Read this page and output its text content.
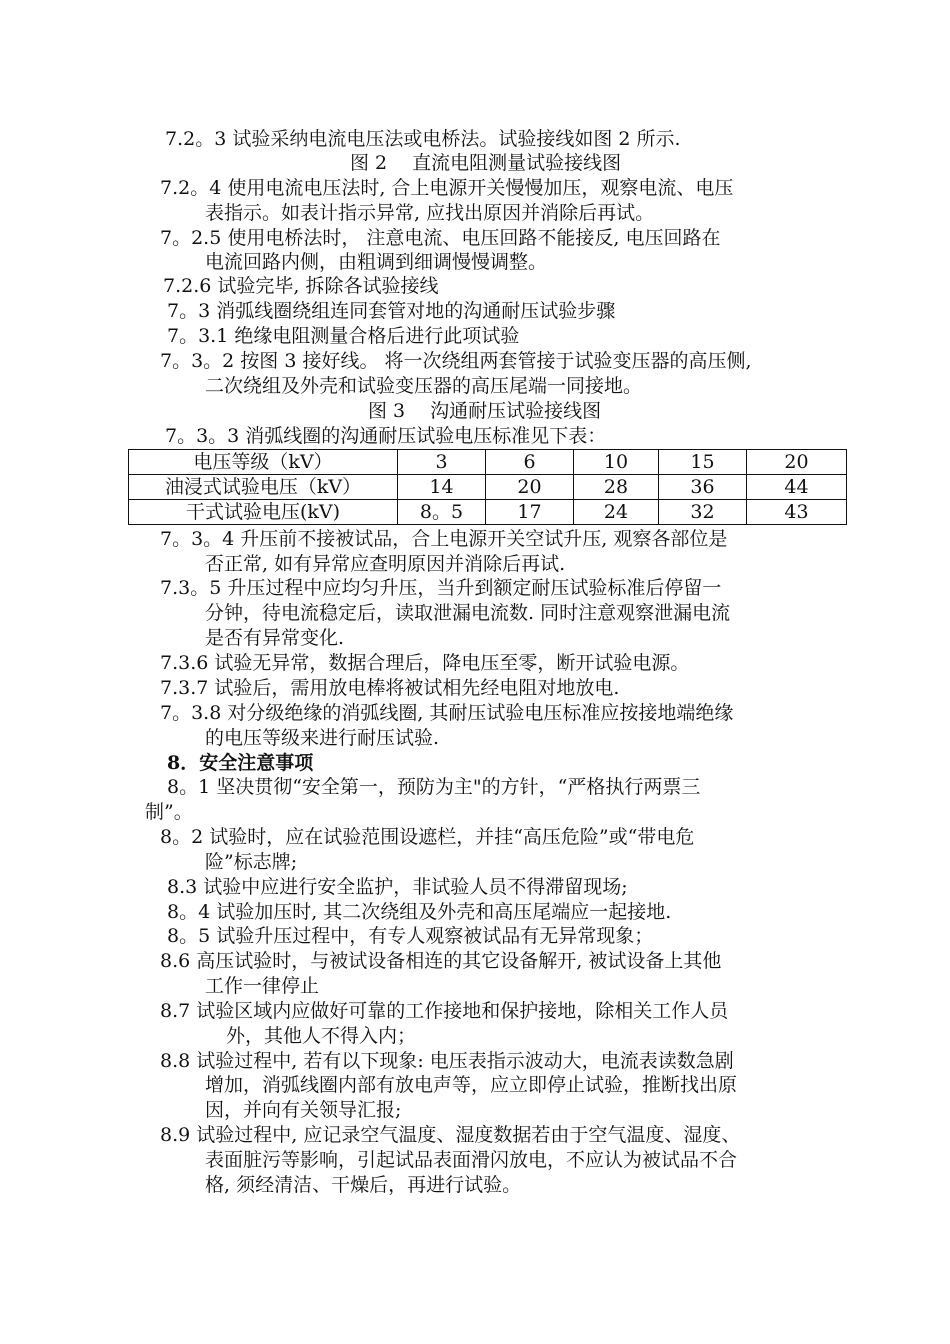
7.2。3 试验采纳电流电压法或电桥法。试验接线如图 2 所示.
图 2　 直流电阻测量试验接线图
7.2。4 使用电流电压法时, 合上电源开关慢慢加压，观察电流、电压
表指示。如表计指示异常, 应找出原因并消除后再试。
7。2.5 使用电桥法时， 注意电流、电压回路不能接反, 电压回路在
电流回路内侧，由粗调到细调慢慢调整。
7.2.6 试验完毕, 拆除各试验接线
7。3 消弧线圈绕组连同套管对地的沟通耐压试验步骤
7。3.1 绝缘电阻测量合格后进行此项试验
7。3。2 按图 3 接好线。 将一次绕组两套管接于试验变压器的高压侧,
二次绕组及外壳和试验变压器的高压尾端一同接地。
图 3　 沟通耐压试验接线图
7。3。3 消弧线圈的沟通耐压试验电压标准见下表：
电压等级（kV）	3	6	10	15	20
油浸式试验电压（kV）	14	20	28	36	44
干式试验电压(kV)	8。5	17	24	32	43
7。3。4 升压前不接被试品，合上电源开关空试升压, 观察各部位是
否正常, 如有异常应查明原因并消除后再试.
7.3。5 升压过程中应均匀升压，当升到额定耐压试验标准后停留一
分钟，待电流稳定后，读取泄漏电流数. 同时注意观察泄漏电流
是否有异常变化.
7.3.6 试验无异常，数据合理后，降电压至零，断开试验电源。
7.3.7 试验后，需用放电棒将被试相先经电阻对地放电.
7。3.8 对分级绝缘的消弧线圈, 其耐压试验电压标准应按接地端绝缘
的电压等级来进行耐压试验.
8．安全注意事项
8。1 坚决贯彻“安全第一，预防为主"的方针，“严格执行两票三
制”。
8。2 试验时，应在试验范围设遮栏，并挂“高压危险”或“带电危
险”标志牌;
8.3 试验中应进行安全监护，非试验人员不得滞留现场;
8。4 试验加压时, 其二次绕组及外壳和高压尾端应一起接地.
8。5 试验升压过程中，有专人观察被试品有无异常现象；
8.6 高压试验时，与被试设备相连的其它设备解开, 被试设备上其他
工作一律停止
8.7 试验区域内应做好可靠的工作接地和保护接地，除相关工作人员
外，其他人不得入内；
8.8 试验过程中, 若有以下现象: 电压表指示波动大，电流表读数急剧
增加，消弧线圈内部有放电声等，应立即停止试验，推断找出原
因，并向有关领导汇报;
8.9 试验过程中, 应记录空气温度、湿度数据若由于空气温度、湿度、
表面脏污等影响，引起试品表面滑闪放电，不应认为被试品不合
格, 须经清洁、干燥后，再进行试验。
